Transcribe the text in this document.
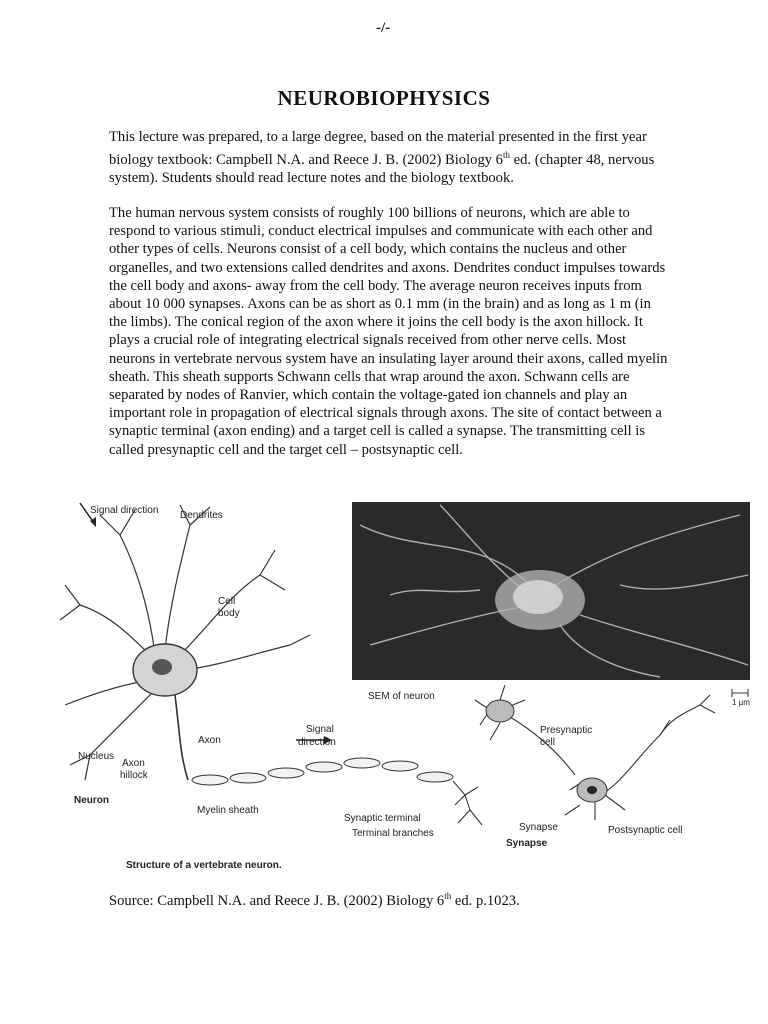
-/-
NEUROBIOPHYSICS
This lecture was prepared, to a large degree, based on the material presented in the first year biology textbook: Campbell N.A. and Reece J. B. (2002) Biology 6th ed. (chapter 48, nervous system). Students should read lecture notes and the biology textbook.
The human nervous system consists of roughly 100 billions of neurons, which are able to respond to various stimuli, conduct electrical impulses and communicate with each other and other types of cells. Neurons consist of a cell body, which contains the nucleus and other organelles, and two extensions called dendrites and axons. Dendrites conduct impulses towards the cell body and axons- away from the cell body. The average neuron receives inputs from about 10 000 synapses. Axons can be as short as 0.1 mm (in the brain) and as long as 1 m (in the limbs). The conical region of the axon where it joins the cell body is the axon hillock. It plays a crucial role of integrating electrical signals received from other nerve cells. Most neurons in vertebrate nervous system have an insulating layer around their axons, called myelin sheath. This sheath supports Schwann cells that wrap around the axon. Schwann cells are separated by nodes of Ranvier, which contain the voltage-gated ion channels and play an important role in propagation of electrical signals through axons. The site of contact between a synaptic terminal (axon ending) and a target cell is called a synapse. The transmitting cell is called presynaptic cell and the target cell – postsynaptic cell.
Signal direction Dendrites
Cell
body
SEM of neuron
1 µm
Signal
direction
Axon
Nucleus
Axon
hillock
Neuron
Myelin sheath
Presynaptic
cell
Synaptic terminal
Terminal branches
Synapse	Postsynaptic cell
Synapse
Structure of a vertebrate neuron.
Source: Campbell N.A. and Reece J. B. (2002) Biology 6th ed. p.1023.
